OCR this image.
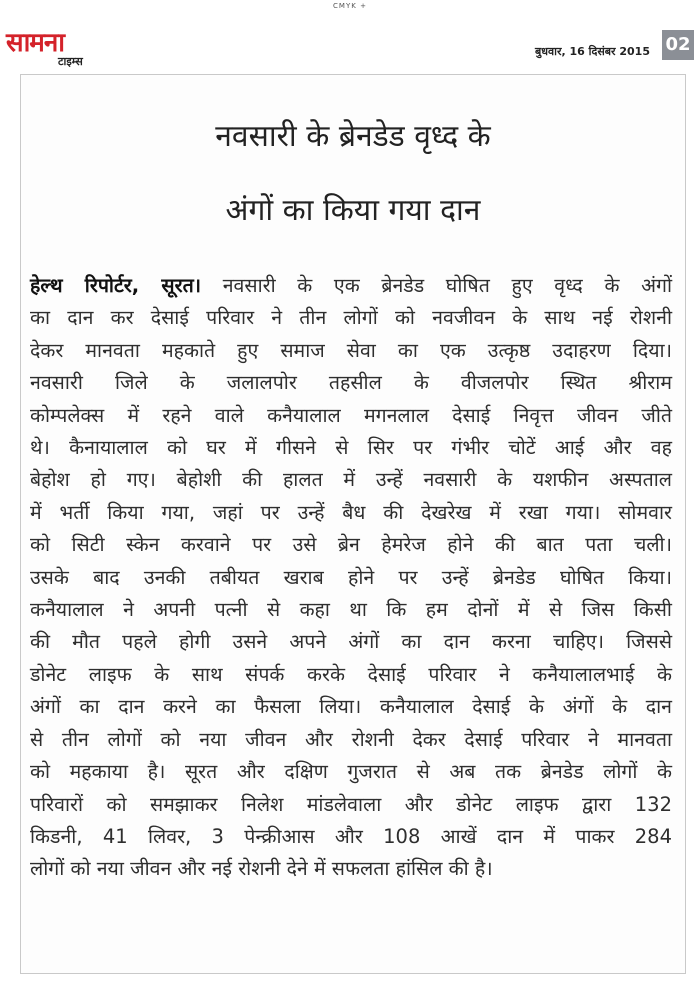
CMYK +
सामना
टाइम्स
बुधवार, 16 दिसंबर 2015 02
नवसारी के ब्रेनडेड वृध्द के
अंगों का किया गया दान
हेल्थ रिपोर्टर, सूरत। नवसारी के एक ब्रेनडेड घोषित हुए वृध्द के अंगों
का दान कर देसाई परिवार ने तीन लोगों को नवजीवन के साथ नई रोशनी
देकर मानवता महकाते हुए समाज सेवा का एक उत्कृष्ठ उदाहरण दिया।
नवसारी जिले के जलालपोर तहसील के वीजलपोर स्थित श्रीराम
कोम्पलेक्स में रहने वाले कनैयालाल मगनलाल देसाई निवृत्त जीवन जीते
थे। कैनायालाल को घर में गीसने से सिर पर गंभीर चोटें आई और वह
बेहोश हो गए। बेहोशी की हालत में उन्हें नवसारी के यशफीन अस्पताल
में भर्ती किया गया, जहां पर उन्हें बैध की देखरेख में रखा गया। सोमवार
को सिटी स्केन करवाने पर उसे ब्रेन हेमरेज होने की बात पता चली।
उसके बाद उनकी तबीयत खराब होने पर उन्हें ब्रेनडेड घोषित किया।
कनैयालाल ने अपनी पत्नी से कहा था कि हम दोनों में से जिस किसी
की मौत पहले होगी उसने अपने अंगों का दान करना चाहिए। जिससे
डोनेट लाइफ के साथ संपर्क करके देसाई परिवार ने कनैयालालभाई के
अंगों का दान करने का फैसला लिया। कनैयालाल देसाई के अंगों के दान
से तीन लोगों को नया जीवन और रोशनी देकर देसाई परिवार ने मानवता
को महकाया है। सूरत और दक्षिण गुजरात से अब तक ब्रेनडेड लोगों के
परिवारों को समझाकर निलेश मांडलेवाला और डोनेट लाइफ द्वारा 132
किडनी, 41 लिवर, 3 पेन्क्रीआस और 108 आखें दान में पाकर 284
लोगों को नया जीवन और नई रोशनी देने में सफलता हांसिल की है।
